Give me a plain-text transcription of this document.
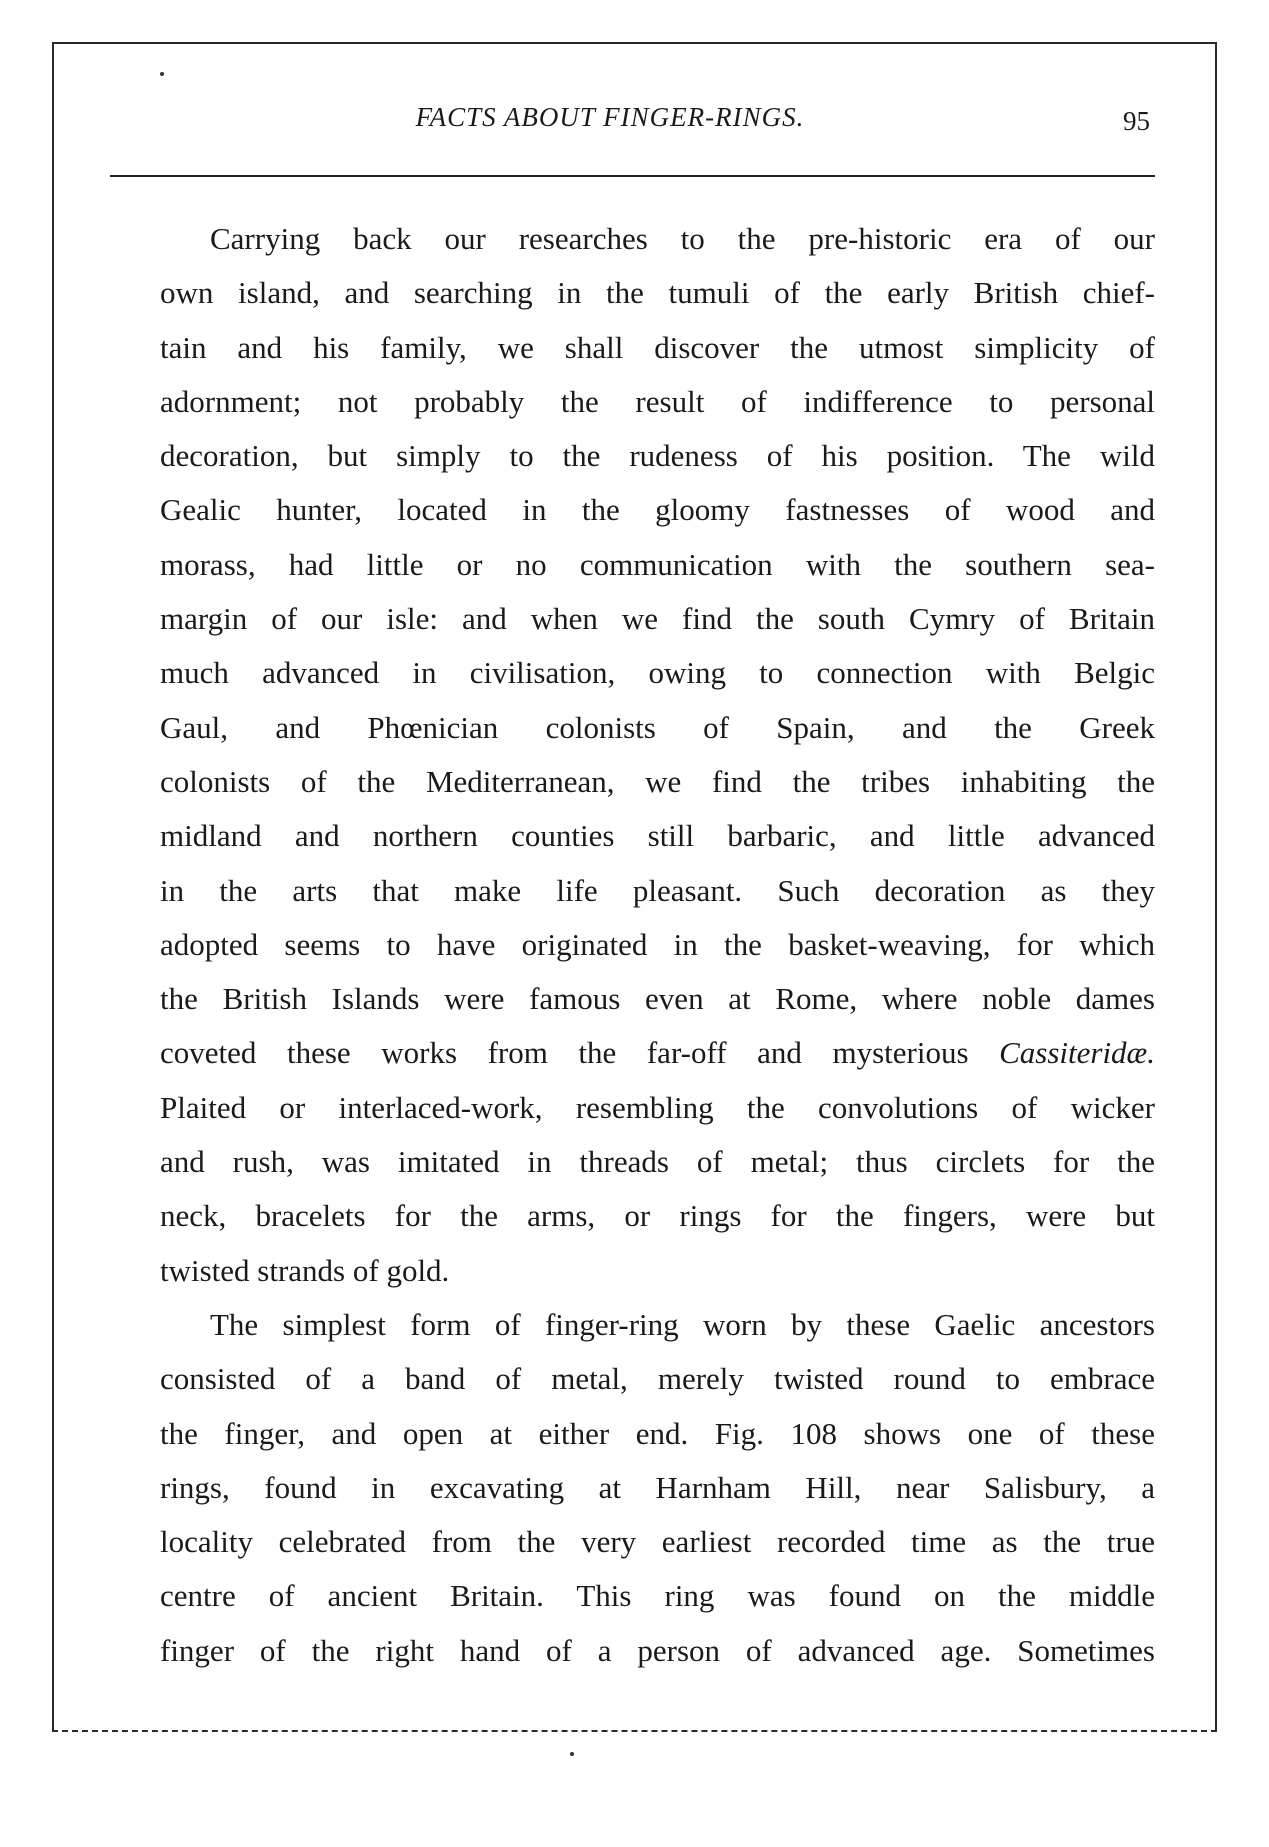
FACTS ABOUT FINGER-RINGS.	95
Carrying back our researches to the pre-historic era of our
own island, and searching in the tumuli of the early British chief-
tain and his family, we shall discover the utmost simplicity of
adornment; not probably the result of indifference to personal
decoration, but simply to the rudeness of his position. The wild
Gealic hunter, located in the gloomy fastnesses of wood and
morass, had little or no communication with the southern sea-
margin of our isle: and when we find the south Cymry of Britain
much advanced in civilisation, owing to connection with Belgic
Gaul, and Phœnician colonists of Spain, and the Greek
colonists of the Mediterranean, we find the tribes inhabiting the
midland and northern counties still barbaric, and little advanced
in the arts that make life pleasant. Such decoration as they
adopted seems to have originated in the basket-weaving, for which
the British Islands were famous even at Rome, where noble dames
coveted these works from the far-off and mysterious Cassiteridæ.
Plaited or interlaced-work, resembling the convolutions of wicker
and rush, was imitated in threads of metal; thus circlets for the
neck, bracelets for the arms, or rings for the fingers, were but
twisted strands of gold.
The simplest form of finger-ring worn by these Gaelic ancestors
consisted of a band of metal, merely twisted round to embrace
the finger, and open at either end. Fig. 108 shows one of these
rings, found in excavating at Harnham Hill, near Salisbury, a
locality celebrated from the very earliest recorded time as the true
centre of ancient Britain. This ring was found on the middle
finger of the right hand of a person of advanced age. Sometimes
